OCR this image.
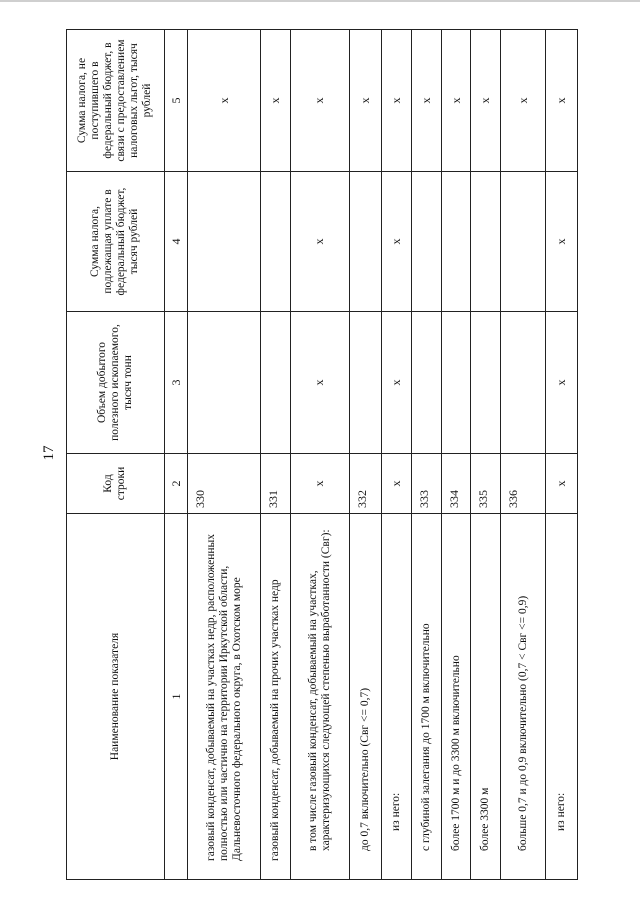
17
Наименование показателя	Код строки	Объем добытого полезного ископаемого, тысяч тонн	Сумма налога, подлежащая уплате в федеральный бюджет, тысяч рублей	Сумма налога, не поступившего в федеральный бюджет, в связи с предоставлением налоговых льгот, тысяч рублей
1	2	3	4	5
газовый конденсат, добываемый на участках недр, расположенных полностью или частично на территории Иркутской области, Дальневосточного федерального округа, в Охотском море	330			x
газовый конденсат, добываемый на прочих участках недр	331			x
в том числе газовый конденсат, добываемый на участках, характеризующихся следующей степенью выработанности (Свг):	x	x	x	x
до 0,7 включительно (Свг <= 0,7)	332			x
из него:	x	x	x	x
с глубиной залегания до 1700 м включительно	333			x
более 1700 м и до 3300 м включительно	334			x
более 3300 м	335			x
больше 0,7 и до 0,9 включительно (0,7 < Свг <= 0,9)	336			x
из него:	x	x	x	x
